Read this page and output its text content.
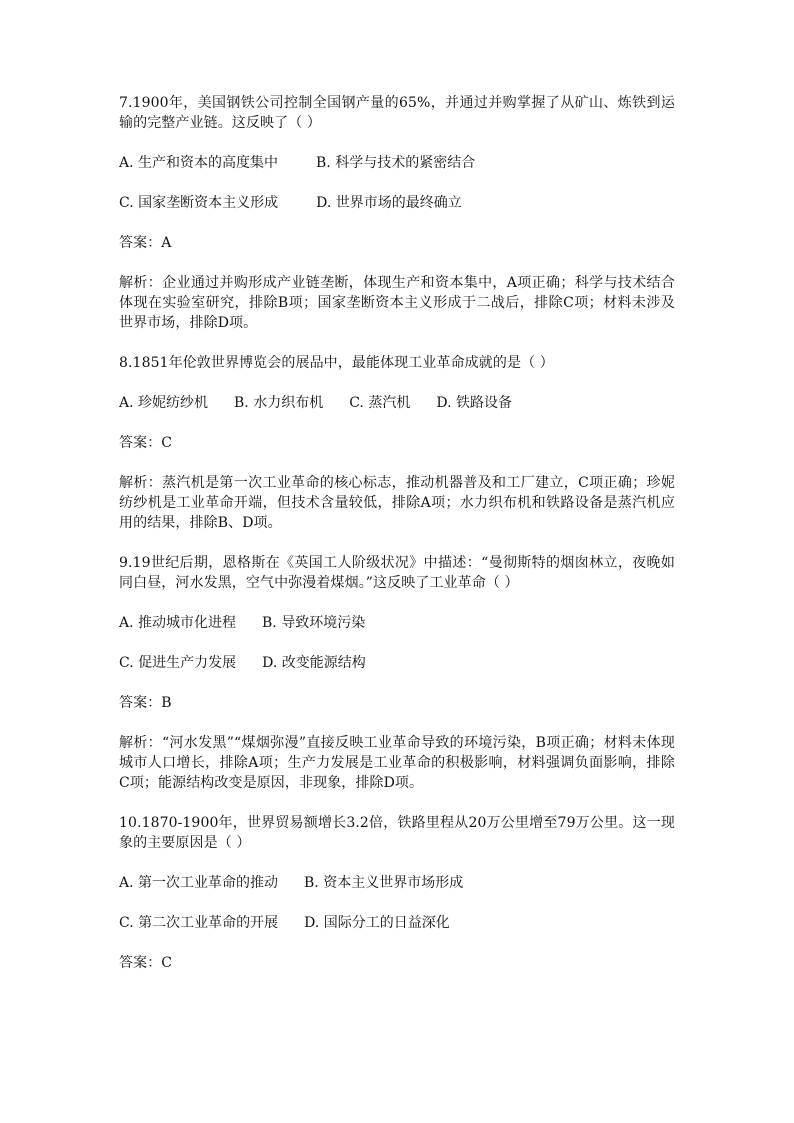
7.1900年，美国钢铁公司控制全国钢产量的65%，并通过并购掌握了从矿山、炼铁到运输的完整产业链。这反映了（ ）

A. 生产和资本的高度集中	B. 科学与技术的紧密结合
C. 国家垄断资本主义形成	D. 世界市场的最终确立

答案：A

解析：企业通过并购形成产业链垄断，体现生产和资本集中，A项正确；科学与技术结合体现在实验室研究，排除B项；国家垄断资本主义形成于二战后，排除C项；材料未涉及世界市场，排除D项。

8.1851年伦敦世界博览会的展品中，最能体现工业革命成就的是（ ）

A. 珍妮纺纱机 B. 水力织布机 C. 蒸汽机 D. 铁路设备

答案：C

解析：蒸汽机是第一次工业革命的核心标志，推动机器普及和工厂建立，C项正确；珍妮纺纱机是工业革命开端，但技术含量较低，排除A项；水力织布机和铁路设备是蒸汽机应用的结果，排除B、D项。

9.19世纪后期，恩格斯在《英国工人阶级状况》中描述：“曼彻斯特的烟囱林立，夜晚如同白昼，河水发黑，空气中弥漫着煤烟。”这反映了工业革命（ ）

A. 推动城市化进程 B. 导致环境污染
C. 促进生产力发展 D. 改变能源结构

答案：B

解析：“河水发黑”“煤烟弥漫”直接反映工业革命导致的环境污染，B项正确；材料未体现城市人口增长，排除A项；生产力发展是工业革命的积极影响，材料强调负面影响，排除C项；能源结构改变是原因，非现象，排除D项。

10.1870-1900年，世界贸易额增长3.2倍，铁路里程从20万公里增至79万公里。这一现象的主要原因是（ ）

A. 第一次工业革命的推动 B. 资本主义世界市场形成
C. 第二次工业革命的开展 D. 国际分工的日益深化

答案：C
